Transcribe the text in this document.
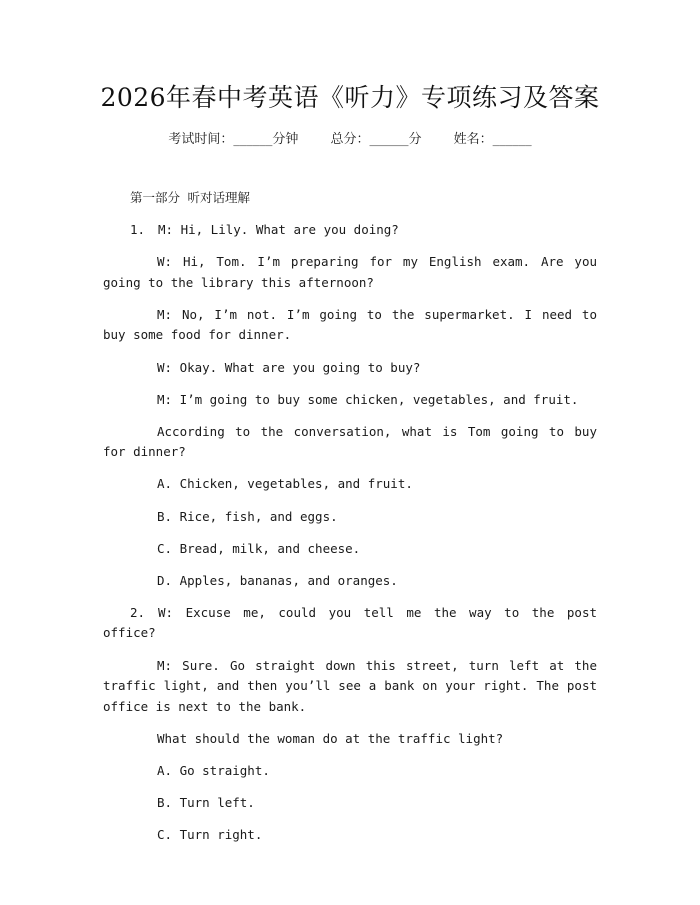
2026年春中考英语《听力》专项练习及答案
考试时间：______分钟 总分：______分 姓名：______

第一部分 听对话理解

1. M: Hi, Lily. What are you doing?

W: Hi, Tom. I’m preparing for my English exam. Are you going to the library this afternoon?

M: No, I’m not. I’m going to the supermarket. I need to buy some food for dinner.

W: Okay. What are you going to buy?

M: I’m going to buy some chicken, vegetables, and fruit.

According to the conversation, what is Tom going to buy for dinner?

A. Chicken, vegetables, and fruit.

B. Rice, fish, and eggs.

C. Bread, milk, and cheese.

D. Apples, bananas, and oranges.

2. W: Excuse me, could you tell me the way to the post office?

M: Sure. Go straight down this street, turn left at the traffic light, and then you’ll see a bank on your right. The post office is next to the bank.

What should the woman do at the traffic light?

A. Go straight.

B. Turn left.

C. Turn right.
